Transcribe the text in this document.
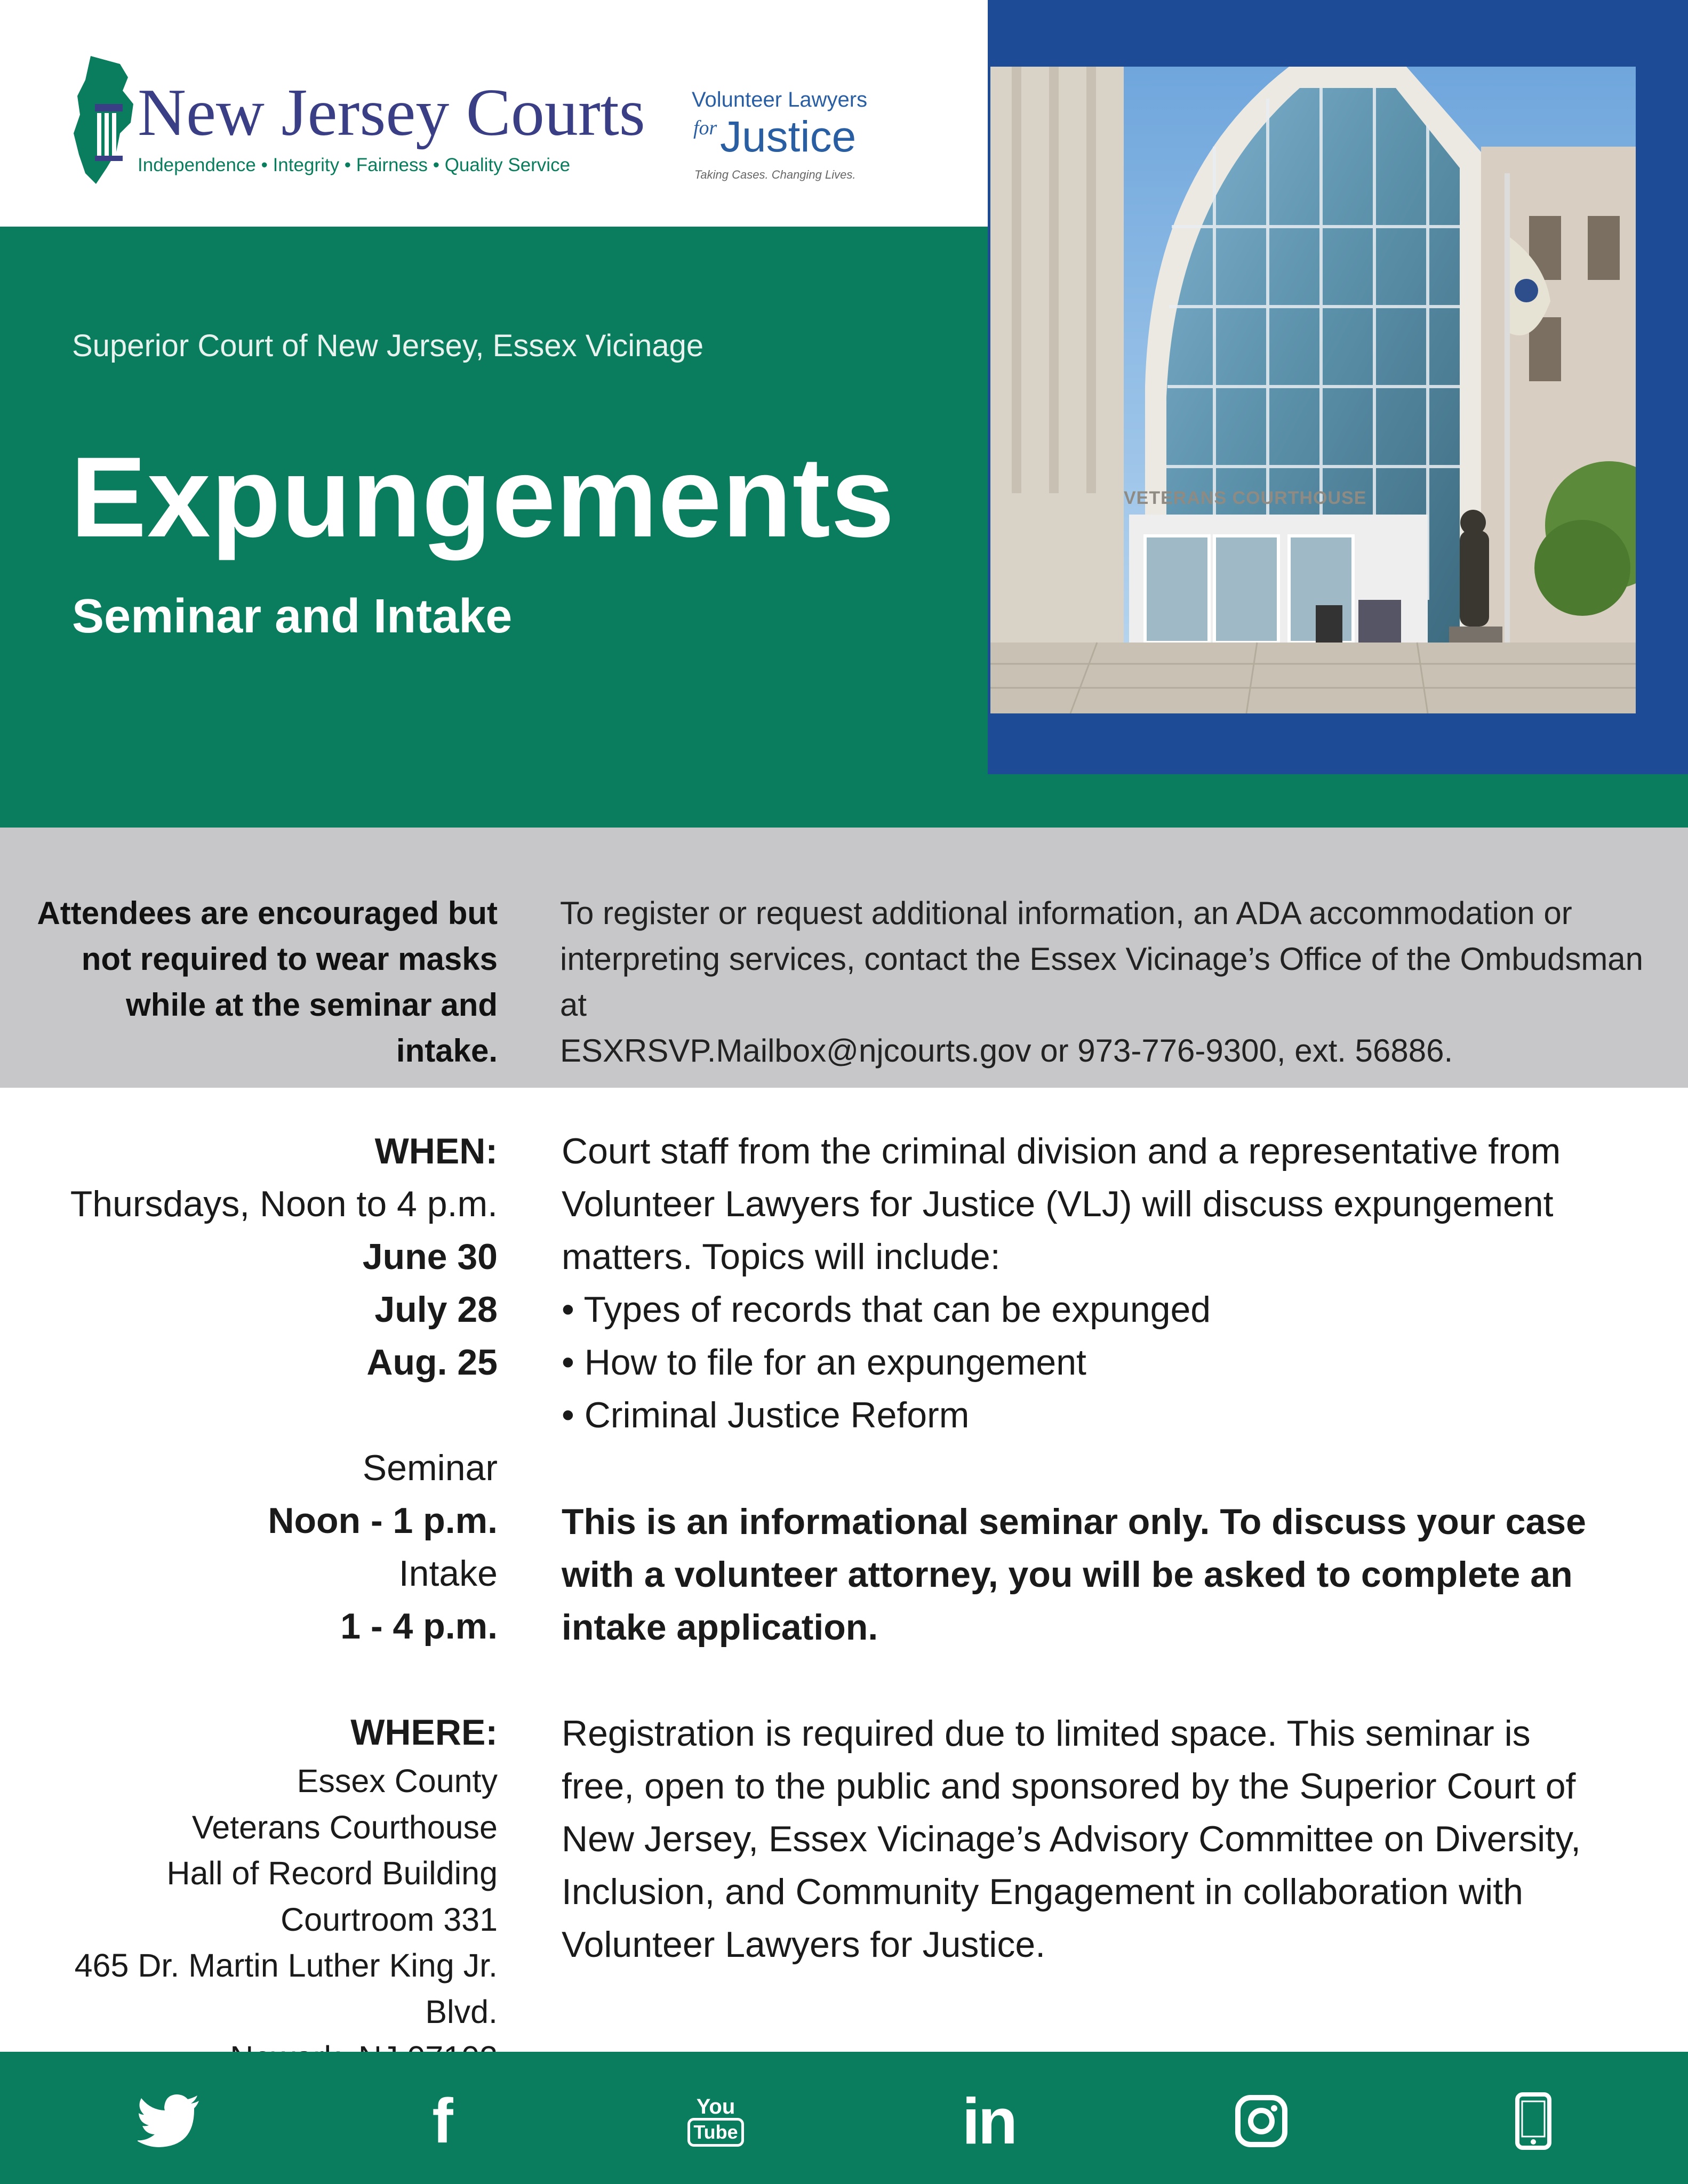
New Jersey Courts
Independence • Integrity • Fairness • Quality Service
Volunteer Lawyers
for Justice
Taking Cases. Changing Lives.
Superior Court of New Jersey, Essex Vicinage
Expungements
Seminar and Intake
VETERANS COURTHOUSE
Attendees are encouraged but
not required to wear masks
while at the seminar and intake.
To register or request additional information, an ADA accommodation or
interpreting services, contact the Essex Vicinage’s Office of the Ombudsman at
ESXRSVP.Mailbox@njcourts.gov or 973-776-9300, ext. 56886.
WHEN:
Thursdays, Noon to 4 p.m.
June 30
July 28
Aug. 25
Seminar
Noon - 1 p.m.
Intake
1 - 4 p.m.
WHERE:
Essex County
Veterans Courthouse
Hall of Record Building
Courtroom 331
465 Dr. Martin Luther King Jr. Blvd.
Court staff from the criminal division and a representative from
Volunteer Lawyers for Justice (VLJ) will discuss expungement
matters. Topics will include:
• Types of records that can be expunged
• How to file for an expungement
• Criminal Justice Reform
This is an informational seminar only. To discuss your case
with a volunteer attorney, you will be asked to complete an
intake application.
Registration is required due to limited space. This seminar is
free, open to the public and sponsored by the Superior Court of
New Jersey, Essex Vicinage’s Advisory Committee on Diversity,
Inclusion, and Community Engagement in collaboration with
Volunteer Lawyers for Justice.
f	You
Tube	in
